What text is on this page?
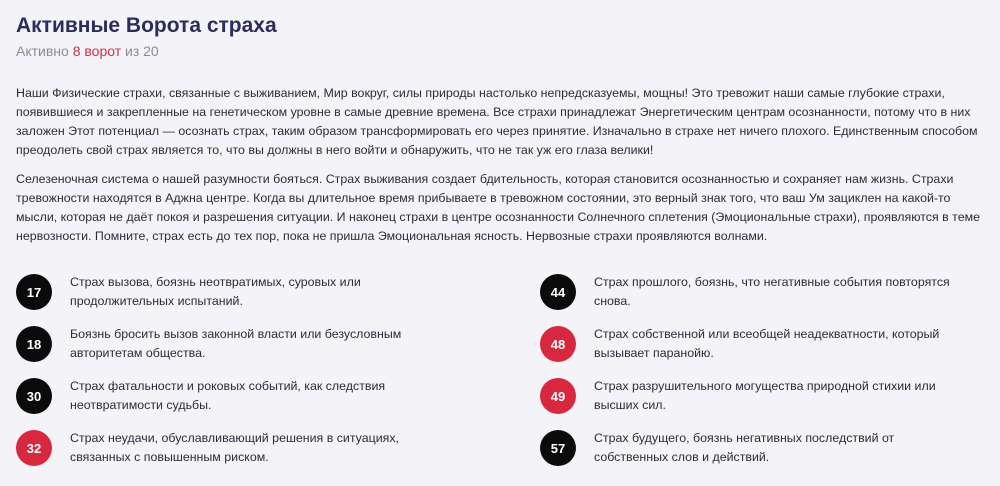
Активные Ворота страха
Активно 8 ворот из 20

Наши Физические страхи, связанные с выживанием, Мир вокруг, силы природы настолько непредсказуемы, мощны! Это тревожит наши самые глубокие страхи, появившиеся и закрепленные на генетическом уровне в самые древние времена. Все страхи принадлежат Энергетическим центрам осознанности, потому что в них заложен Этот потенциал — осознать страх, таким образом трансформировать его через принятие. Изначально в страхе нет ничего плохого. Единственным способом преодолеть свой страх является то, что вы должны в него войти и обнаружить, что не так уж его глаза велики!

Селезеночная система о нашей разумности бояться. Страх выживания создает бдительность, которая становится осознанностью и сохраняет нам жизнь. Страхи тревожности находятся в Аджна центре. Когда вы длительное время прибываете в тревожном состоянии, это верный знак того, что ваш Ум зациклен на какой-то мысли, которая не даёт покоя и разрешения ситуации. И наконец страхи в центре осознанности Солнечного сплетения (Эмоциональные страхи), проявляются в теме нервозности. Помните, страх есть до тех пор, пока не пришла Эмоциональная ясность. Нервозные страхи проявляются волнами.

17
Страх вызова, боязнь неотвратимых, суровых или продолжительных испытаний.
18
Боязнь бросить вызов законной власти или безусловным авторитетам общества.
30
Страх фатальности и роковых событий, как следствия неотвратимости судьбы.
32
Страх неудачи, обуславливающий решения в ситуациях, связанных с повышенным риском.
44
Страх прошлого, боязнь, что негативные события повторятся снова.
48
Страх собственной или всеобщей неадекватности, который вызывает паранойю.
49
Страх разрушительного могущества природной стихии или высших сил.
57
Страх будущего, боязнь негативных последствий от собственных слов и действий.
